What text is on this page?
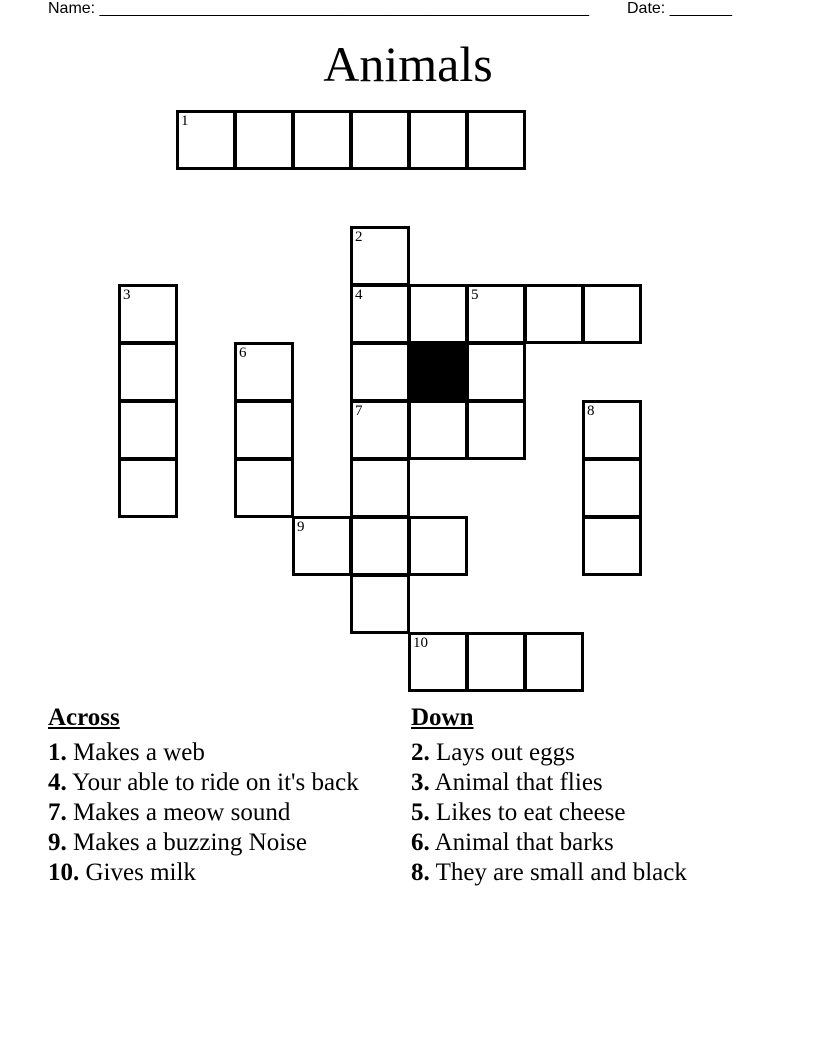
Name: _______________________________________________________ Date: _______
Animals
1
2
3	4	5
6
7	8
9
10
Across
1. Makes a web
4. Your able to ride on it's back
7. Makes a meow sound
9. Makes a buzzing Noise
10. Gives milk
Down
2. Lays out eggs
3. Animal that flies
5. Likes to eat cheese
6. Animal that barks
8. They are small and black
